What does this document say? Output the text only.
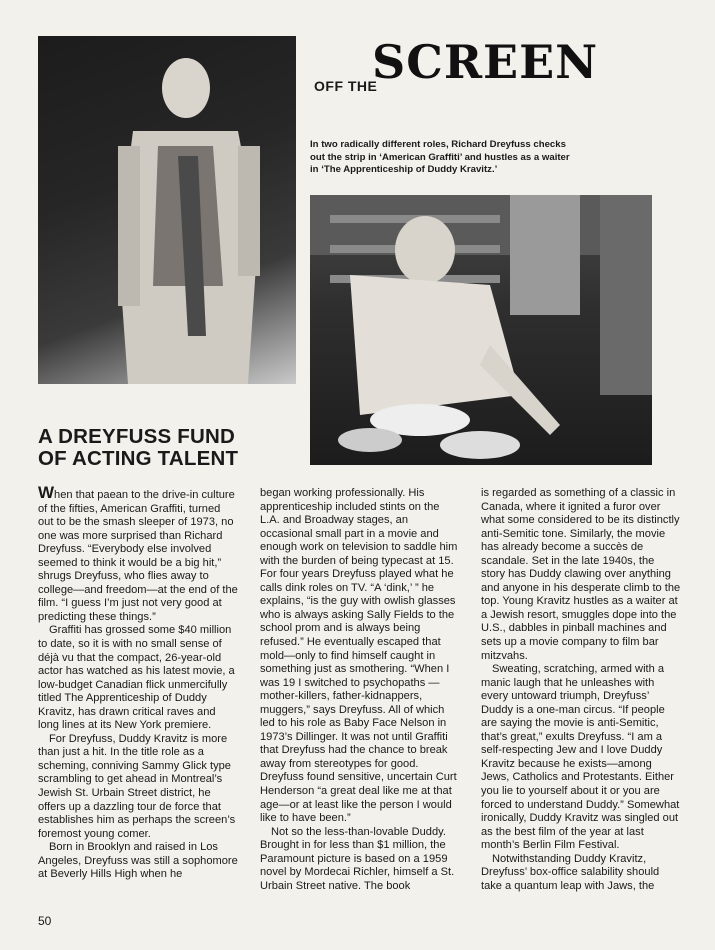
OFF THE
SCREEN
In two radically different roles, Richard Dreyfuss checks out the strip in ‘American Graffiti’ and hustles as a waiter in ‘The Apprenticeship of Duddy Kravitz.’
A DREYFUSS FUND
OF ACTING TALENT

When that paean to the drive-in culture of the fifties, American Graffiti, turned out to be the smash sleeper of 1973, no one was more surprised than Richard Dreyfuss. “Everybody else involved seemed to think it would be a big hit,” shrugs Dreyfuss, who flies away to college—and freedom—at the end of the film. “I guess I’m just not very good at predicting these things.”

Graffiti has grossed some $40 million to date, so it is with no small sense of déjà vu that the compact, 26-year-old actor has watched as his latest movie, a low-budget Canadian flick unmercifully titled The Apprenticeship of Duddy Kravitz, has drawn critical raves and long lines at its New York premiere.

For Dreyfuss, Duddy Kravitz is more than just a hit. In the title role as a scheming, conniving Sammy Glick type scrambling to get ahead in Montreal’s Jewish St. Urbain Street district, he offers up a dazzling tour de force that establishes him as perhaps the screen’s foremost young comer.

Born in Brooklyn and raised in Los Angeles, Dreyfuss was still a sophomore at Beverly Hills High when he

began working professionally. His apprenticeship included stints on the L.A. and Broadway stages, an occasional small part in a movie and enough work on television to saddle him with the burden of being typecast at 15. For four years Dreyfuss played what he calls dink roles on TV. “A ‘dink,’ ” he explains, “is the guy with owlish glasses who is always asking Sally Fields to the school prom and is always being refused.” He eventually escaped that mold—only to find himself caught in something just as smothering. “When I was 19 I switched to psychopaths —mother-killers, father-kidnappers, muggers,” says Dreyfuss. All of which led to his role as Baby Face Nelson in 1973’s Dillinger. It was not until Graffiti that Dreyfuss had the chance to break away from stereotypes for good. Dreyfuss found sensitive, uncertain Curt Henderson “a great deal like me at that age—or at least like the person I would like to have been.”

Not so the less-than-lovable Duddy. Brought in for less than $1 million, the Paramount picture is based on a 1959 novel by Mordecai Richler, himself a St. Urbain Street native. The book

is regarded as something of a classic in Canada, where it ignited a furor over what some considered to be its distinctly anti-Semitic tone. Similarly, the movie has already become a succès de scandale. Set in the late 1940s, the story has Duddy clawing over anything and anyone in his desperate climb to the top. Young Kravitz hustles as a waiter at a Jewish resort, smuggles dope into the U.S., dabbles in pinball machines and sets up a movie company to film bar mitzvahs.

Sweating, scratching, armed with a manic laugh that he unleashes with every untoward triumph, Dreyfuss’ Duddy is a one-man circus. “If people are saying the movie is anti-Semitic, that’s great,” exults Dreyfuss. “I am a self-respecting Jew and I love Duddy Kravitz because he exists—among Jews, Catholics and Protestants. Either you lie to yourself about it or you are forced to understand Duddy.” Somewhat ironically, Duddy Kravitz was singled out as the best film of the year at last month’s Berlin Film Festival.

Notwithstanding Duddy Kravitz, Dreyfuss’ box-office salability should take a quantum leap with Jaws, the

50
